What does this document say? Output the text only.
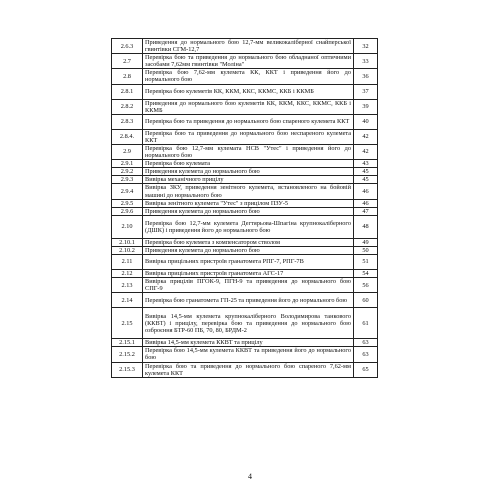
2.6.3	Приведення до нормального бою 12,7-мм великокаліберної снайперської гвинтівки СГМ-12,7	32
2.7	Перевірка бою та приведення до нормального бою обладнаної оптичними засобами 7,62мм гвинтівки "Моліна"	33
2.8	Перевірка бою 7,62-мм кулемета КК, ККТ і приведення його до нормального бою	36
2.8.1	Перевірка бою кулеметів КК, ККМ, ККС, ККМС, ККБ і ККМБ	37
2.8.2	Приведення до нормального бою кулеметів КК, ККМ, ККС, ККМС, ККБ і ККМБ	39
2.8.3	Перевірка бою та приведення до нормального бою спареного кулемета ККТ	40
2.8.4.	Перевірка бою та приведення до нормального бою неспареного кулемета ККТ	42
2.9	Перевірка бою 12,7-мм кулемата НСВ "Утес" і приведення його до нормального бою	42
2.9.1	Перевірка бою кулемата	43
2.9.2	Приведення кулемета до нормального бою	45
2.9.3	Вивірка механічного прицілу	45
2.9.4	Вивірка ЗКУ, приведення зенітного кулемета, встановленого на бойовій машині до нормального бою	46
2.9.5	Вивірка зенітного кулемета "Утес" з прицілом ПЗУ-5	46
2.9.6	Приведення кулемета до нормального бою	47
2.10	Перевірка бою 12,7-мм кулемета Дегтярьова-Шпагіна крупнокаліберного (ДШК) і приведення його до нормального бою	48
2.10.1	Перевірка бою кулемета з компенсатором стволом	49
2.10.2	Приведення кулемета до нормального бою	50
2.11	Вивірка прицільних пристроїв гранатомета РПГ-7, РПГ-7В	51
2.12	Вивірка прицільних пристроїв гранатомета АГС-17	54
2.13	Вивірка прицілів ПГОК-9, ПГН-9 та приведення до нормального бою СПГ-9	56
2.14	Перевірка бою гранатомета ГП-25 та приведення його до нормального бою	60
2.15	Вивірка 14,5-мм кулемета крупнокаліберного Володимирова танкового (ККВТ) і прицілу, перевірка бою та приведення до нормального бою озброєння БТР-60 ПБ, 70, 80, БРДМ-2	61
2.15.1	Вивірка 14,5-мм кулемета ККВТ та прицілу	63
2.15.2	Перевірка бою 14,5-мм кулемета ККВТ та приведення його до нормального бою	63
2.15.3	Перевірка бою та приведення до нормального бою спареного 7,62-мм кулемета ККТ	65
4
